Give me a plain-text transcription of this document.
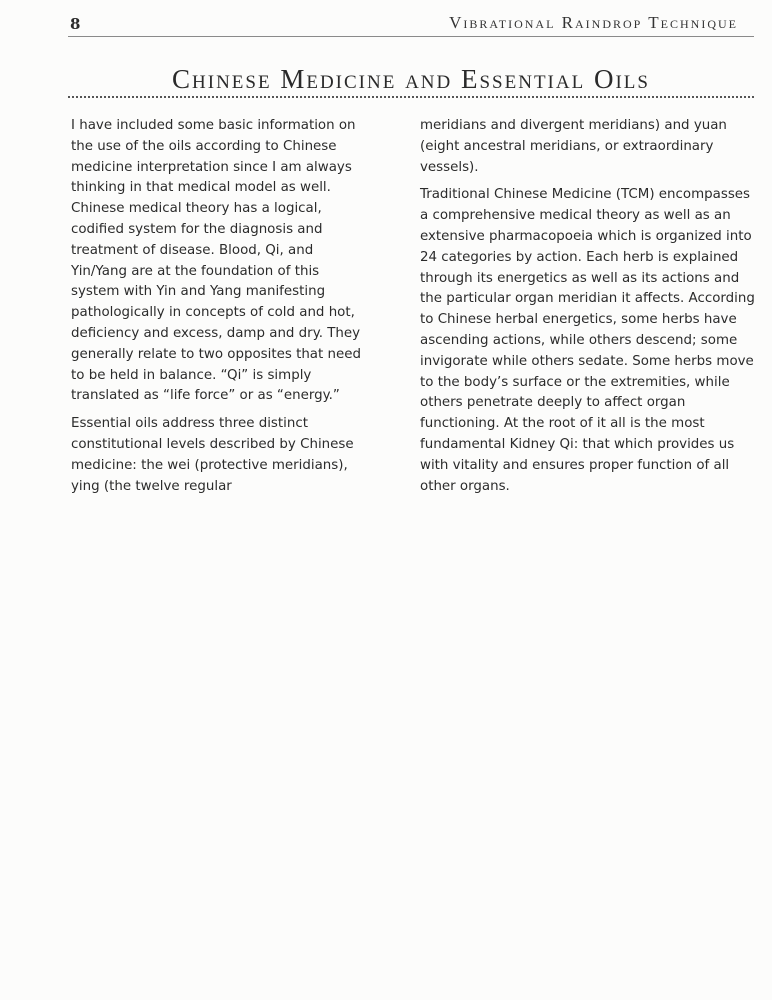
8	Vibrational Raindrop Technique
Chinese Medicine and Essential Oils

I have included some basic information on the use of the oils according to Chinese medicine interpretation since I am always thinking in that medical model as well. Chinese medical theory has a logical, codified system for the diagnosis and treatment of disease. Blood, Qi, and Yin/Yang are at the foundation of this system with Yin and Yang manifesting pathologically in concepts of cold and hot, deficiency and excess, damp and dry. They generally relate to two opposites that need to be held in balance. “Qi” is simply translated as “life force” or as “energy.”

Essential oils address three distinct constitutional levels described by Chinese medicine: the wei (protective meridians), ying (the twelve regular

meridians and divergent meridians) and yuan (eight ancestral meridians, or extraordinary vessels).

Traditional Chinese Medicine (TCM) encompasses a comprehensive medical theory as well as an extensive pharmacopoeia which is organized into 24 categories by action. Each herb is explained through its energetics as well as its actions and the particular organ meridian it affects. According to Chinese herbal energetics, some herbs have ascending actions, while others descend; some invigorate while others sedate. Some herbs move to the body’s surface or the extremities, while others penetrate deeply to affect organ functioning. At the root of it all is the most fundamental Kidney Qi: that which provides us with vitality and ensures proper function of all other organs.
